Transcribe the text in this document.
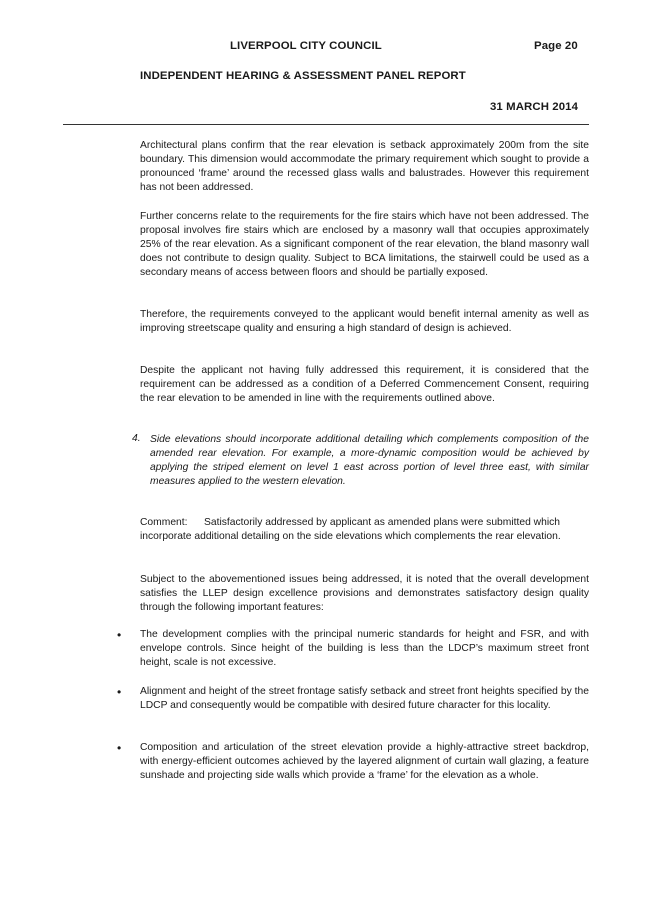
LIVERPOOL CITY COUNCIL	Page 20
INDEPENDENT HEARING & ASSESSMENT PANEL REPORT
31 MARCH 2014

Architectural plans confirm that the rear elevation is setback approximately 200m from the site boundary. This dimension would accommodate the primary requirement which sought to provide a pronounced ‘frame’ around the recessed glass walls and balustrades. However this requirement has not been addressed.

Further concerns relate to the requirements for the fire stairs which have not been addressed. The proposal involves fire stairs which are enclosed by a masonry wall that occupies approximately 25% of the rear elevation. As a significant component of the rear elevation, the bland masonry wall does not contribute to design quality. Subject to BCA limitations, the stairwell could be used as a secondary means of access between floors and should be partially exposed.

Therefore, the requirements conveyed to the applicant would benefit internal amenity as well as improving streetscape quality and ensuring a high standard of design is achieved.

Despite the applicant not having fully addressed this requirement, it is considered that the requirement can be addressed as a condition of a Deferred Commencement Consent, requiring the rear elevation to be amended in line with the requirements outlined above.

4. Side elevations should incorporate additional detailing which complements composition of the amended rear elevation. For example, a more-dynamic composition would be achieved by applying the striped element on level 1 east across portion of level three east, with similar measures applied to the western elevation.

Comment: Satisfactorily addressed by applicant as amended plans were submitted which incorporate additional detailing on the side elevations which complements the rear elevation.

Subject to the abovementioned issues being addressed, it is noted that the overall development satisfies the LLEP design excellence provisions and demonstrates satisfactory design quality through the following important features:

• The development complies with the principal numeric standards for height and FSR, and with envelope controls. Since height of the building is less than the LDCP’s maximum street front height, scale is not excessive.

• Alignment and height of the street frontage satisfy setback and street front heights specified by the LDCP and consequently would be compatible with desired future character for this locality.

• Composition and articulation of the street elevation provide a highly-attractive street backdrop, with energy-efficient outcomes achieved by the layered alignment of curtain wall glazing, a feature sunshade and projecting side walls which provide a ‘frame’ for the elevation as a whole.
